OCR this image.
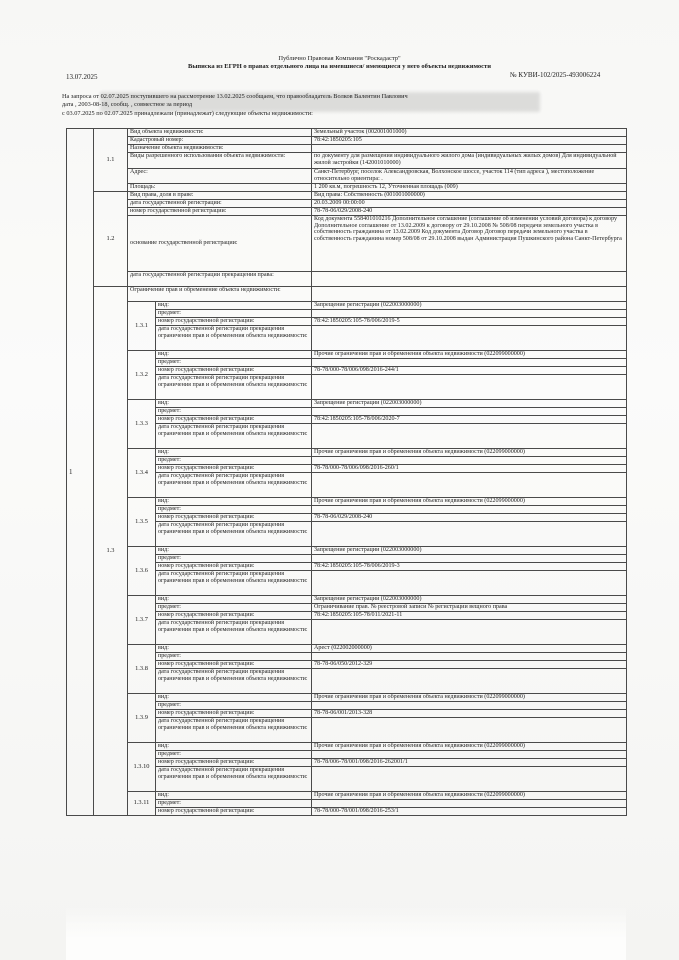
Публично Правовая Компания "Роскадастр"
Выписка из ЕГРН о правах отдельного лица на имевшиеся/ имеющиеся у него объекты недвижимости
13.07.2025	№ КУВИ-102/2025-493006224
На запроса от 02.07.2025 поступившего на рассмотрение 13.02.2025 сообщаем, что правообладатель Волков Валентин Павлович
дата , 2003-08-18, сообщ. , совместное за период
с 03.07.2025 по 02.07.2025 принадлежали (принадлежат) следующие объекты недвижимости:
1	1.1	Вид объекта недвижимости:		Земельный участок (002001001000)
		Кадастровый номер:		78:42:1850205:105
		Назначение объекта недвижимости:		
		Виды разрешенного использования объекта недвижимости:		по документу для размещения индивидуального жилого дома (индивидуальных жилых домов) Для индивидуальной жилой застройки (142001010000)
		Адрес:		Санкт-Петербург, поселок Александровская, Волхонское шоссе, участок 114 (тип адреса ), местоположение относительно ориентира: .
		Площадь:		1 200 кв.м, погрешность 12, Уточненная площадь (009)
	1.2	Вид права, доля в праве:		Вид права: Собственность (001001000000)
		дата государственной регистрации:		20.03.2009 00:00:00
		номер государственной регистрации:		78-78-06/029/2008-240
		основание государственной регистрации:		Код документа 558401010216 Дополнительное соглашение (соглашение об изменении условий договора) к договору Дополнительное соглашение от 13.02.2009 к договору от 29.10.2008 № 508/08 передачи земельного участка в собственность гражданина от 13.02.2009 Код документа Договор Договор передачи земельного участка в собственность гражданина номер 508/08 от 29.10.2008 выдан Администрация Пушкинского района Санкт-Петербурга
		дата государственной регистрации прекращения права:		
	1.3	Ограничение прав и обременение объекта недвижимости:		
		1.3.1	вид:	Запрещение регистрации (022003000000)
			предмет:	
			номер государственной регистрации:	78:42:1850205:105-78/006/2019-5
			дата государственной регистрации прекращения ограничения прав и обременения объекта недвижимости:	
		1.3.2	вид:	Прочие ограничения прав и обременения объекта недвижимости (022099000000)
			предмет:	
			номер государственной регистрации:	78-78/000-78/006/098/2016-244/1
			дата государственной регистрации прекращения ограничения прав и обременения объекта недвижимости:	
		1.3.3	вид:	Запрещение регистрации (022003000000)
			предмет:	
			номер государственной регистрации:	78:42:1850205:105-78/006/2020-7
			дата государственной регистрации прекращения ограничения прав и обременения объекта недвижимости:	
		1.3.4	вид:	Прочие ограничения прав и обременения объекта недвижимости (022099000000)
			предмет:	
			номер государственной регистрации:	78-78/000-78/006/098/2016-260/1
			дата государственной регистрации прекращения ограничения прав и обременения объекта недвижимости:	
		1.3.5	вид:	Прочие ограничения прав и обременения объекта недвижимости (022099000000)
			предмет:	
			номер государственной регистрации:	78-78-06/029/2008-240
			дата государственной регистрации прекращения ограничения прав и обременения объекта недвижимости:	
		1.3.6	вид:	Запрещение регистрации (022003000000)
			предмет:	
			номер государственной регистрации:	78:42:1850205:105-78/006/2019-3
			дата государственной регистрации прекращения ограничения прав и обременения объекта недвижимости:	
		1.3.7	вид:	Запрещение регистрации (022003000000)
			предмет:	Ограничивание прав. № реестровой записи № регистрации вещного права
			номер государственной регистрации:	78:42:1850205:105-78/011/2021-11
			дата государственной регистрации прекращения ограничения прав и обременения объекта недвижимости:	
		1.3.8	вид:	Арест (022002000000)
			предмет:	
			номер государственной регистрации:	78-78-06/050/2012-329
			дата государственной регистрации прекращения ограничения прав и обременения объекта недвижимости:	
		1.3.9	вид:	Прочие ограничения прав и обременения объекта недвижимости (022099000000)
			предмет:	
			номер государственной регистрации:	78-78-06/001/2013-328
			дата государственной регистрации прекращения ограничения прав и обременения объекта недвижимости:	
		1.3.10	вид:	Прочие ограничения прав и обременения объекта недвижимости (022099000000)
			предмет:	
			номер государственной регистрации:	78-78/006-78/001/098/2016-262001/1
			дата государственной регистрации прекращения ограничения прав и обременения объекта недвижимости:	
		1.3.11	вид:	Прочие ограничения прав и обременения объекта недвижимости (022099000000)
			предмет:	
			номер государственной регистрации:	78-78/000-78/001/098/2016-253/1
